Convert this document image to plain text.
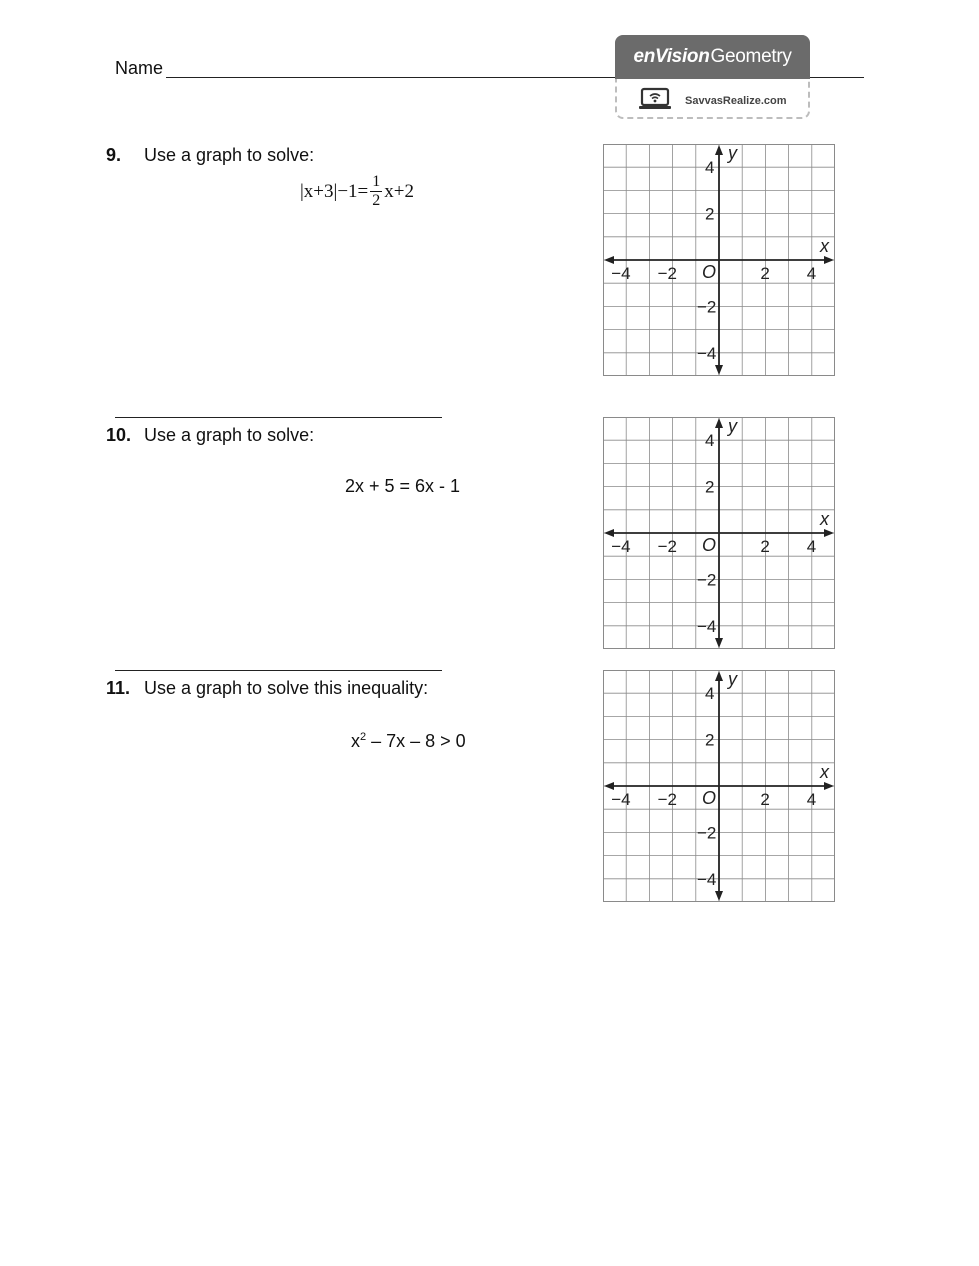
Name
enVision Geometry
SavvasRealize.com
9. Use a graph to solve:
$|x+3|-1= \frac{1}{2} x+2$
x
y
O
−4
−4
−2
−2
2
2
4
4
10. Use a graph to solve:
2x + 5 = 6x - 1
x
y
O
−4
−4
−2
−2
2
2
4
4
11. Use a graph to solve this inequality:
$x^2 - 7x - 8 > 0$
x
y
O
−4
−4
−2
−2
2
2
4
4
